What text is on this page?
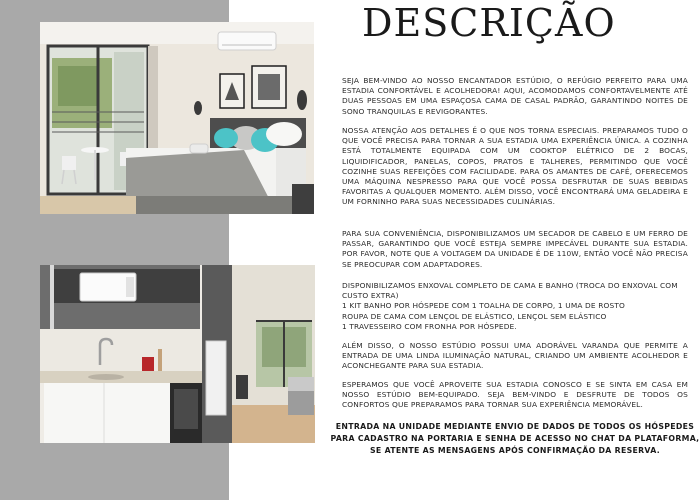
DESCRIÇÃO
SEJA BEM-VINDO AO NOSSO ENCANTADOR ESTÚDIO, O REFÚGIO PERFEITO PARA UMA ESTADIA CONFORTÁVEL E ACOLHEDORA! AQUI, ACOMODAMOS CONFORTAVELMENTE ATÉ DUAS PESSOAS EM UMA ESPAÇOSA CAMA DE CASAL PADRÃO, GARANTINDO NOITES DE SONO TRANQUILAS E REVIGORANTES.
NOSSA ATENÇÃO AOS DETALHES É O QUE NOS TORNA ESPECIAIS. PREPARAMOS TUDO O QUE VOCÊ PRECISA PARA TORNAR A SUA ESTADIA UMA EXPERIÊNCIA ÚNICA. A COZINHA ESTÁ TOTALMENTE EQUIPADA COM UM COOKTOP ELÉTRICO DE 2 BOCAS, LIQUIDIFICADOR, PANELAS, COPOS, PRATOS E TALHERES, PERMITINDO QUE VOCÊ COZINHE SUAS REFEIÇÕES COM FACILIDADE. PARA OS AMANTES DE CAFÉ, OFERECEMOS UMA MÁQUINA NESPRESSO PARA QUE VOCÊ POSSA DESFRUTAR DE SUAS BEBIDAS FAVORITAS A QUALQUER MOMENTO. ALÉM DISSO, VOCÊ ENCONTRARÁ UMA GELADEIRA E UM FORNINHO PARA SUAS NECESSIDADES CULINÁRIAS.
PARA SUA CONVENIÊNCIA, DISPONIBILIZAMOS UM SECADOR DE CABELO E UM FERRO DE PASSAR, GARANTINDO QUE VOCÊ ESTEJA SEMPRE IMPECÁVEL DURANTE SUA ESTADIA. POR FAVOR, NOTE QUE A VOLTAGEM DA UNIDADE É DE 110W, ENTÃO VOCÊ NÃO PRECISA SE PREOCUPAR COM ADAPTADORES.
DISPONIBILIZAMOS ENXOVAL COMPLETO DE CAMA E BANHO (TROCA DO ENXOVAL COM CUSTO EXTRA)
1 KIT BANHO POR HÓSPEDE COM 1 TOALHA DE CORPO, 1 UMA DE ROSTO
ROUPA DE CAMA COM LENÇOL DE ELÁSTICO, LENÇOL SEM ELÁSTICO
1 TRAVESSEIRO COM FRONHA POR HÓSPEDE.
ALÉM DISSO, O NOSSO ESTÚDIO POSSUI UMA ADORÁVEL VARANDA QUE PERMITE A ENTRADA DE UMA LINDA ILUMINAÇÃO NATURAL, CRIANDO UM AMBIENTE ACOLHEDOR E ACONCHEGANTE PARA SUA ESTADIA.
ESPERAMOS QUE VOCÊ APROVEITE SUA ESTADIA CONOSCO E SE SINTA EM CASA EM NOSSO ESTÚDIO BEM-EQUIPADO. SEJA BEM-VINDO E DESFRUTE DE TODOS OS CONFORTOS QUE PREPARAMOS PARA TORNAR SUA EXPERIÊNCIA MEMORÁVEL.
ENTRADA NA UNIDADE MEDIANTE ENVIO DE DADOS DE TODOS OS HÓSPEDES PARA CADASTRO NA PORTARIA E SENHA DE ACESSO NO CHAT DA PLATAFORMA, SE ATENTE AS MENSAGENS APÓS CONFIRMAÇÃO DA RESERVA.
